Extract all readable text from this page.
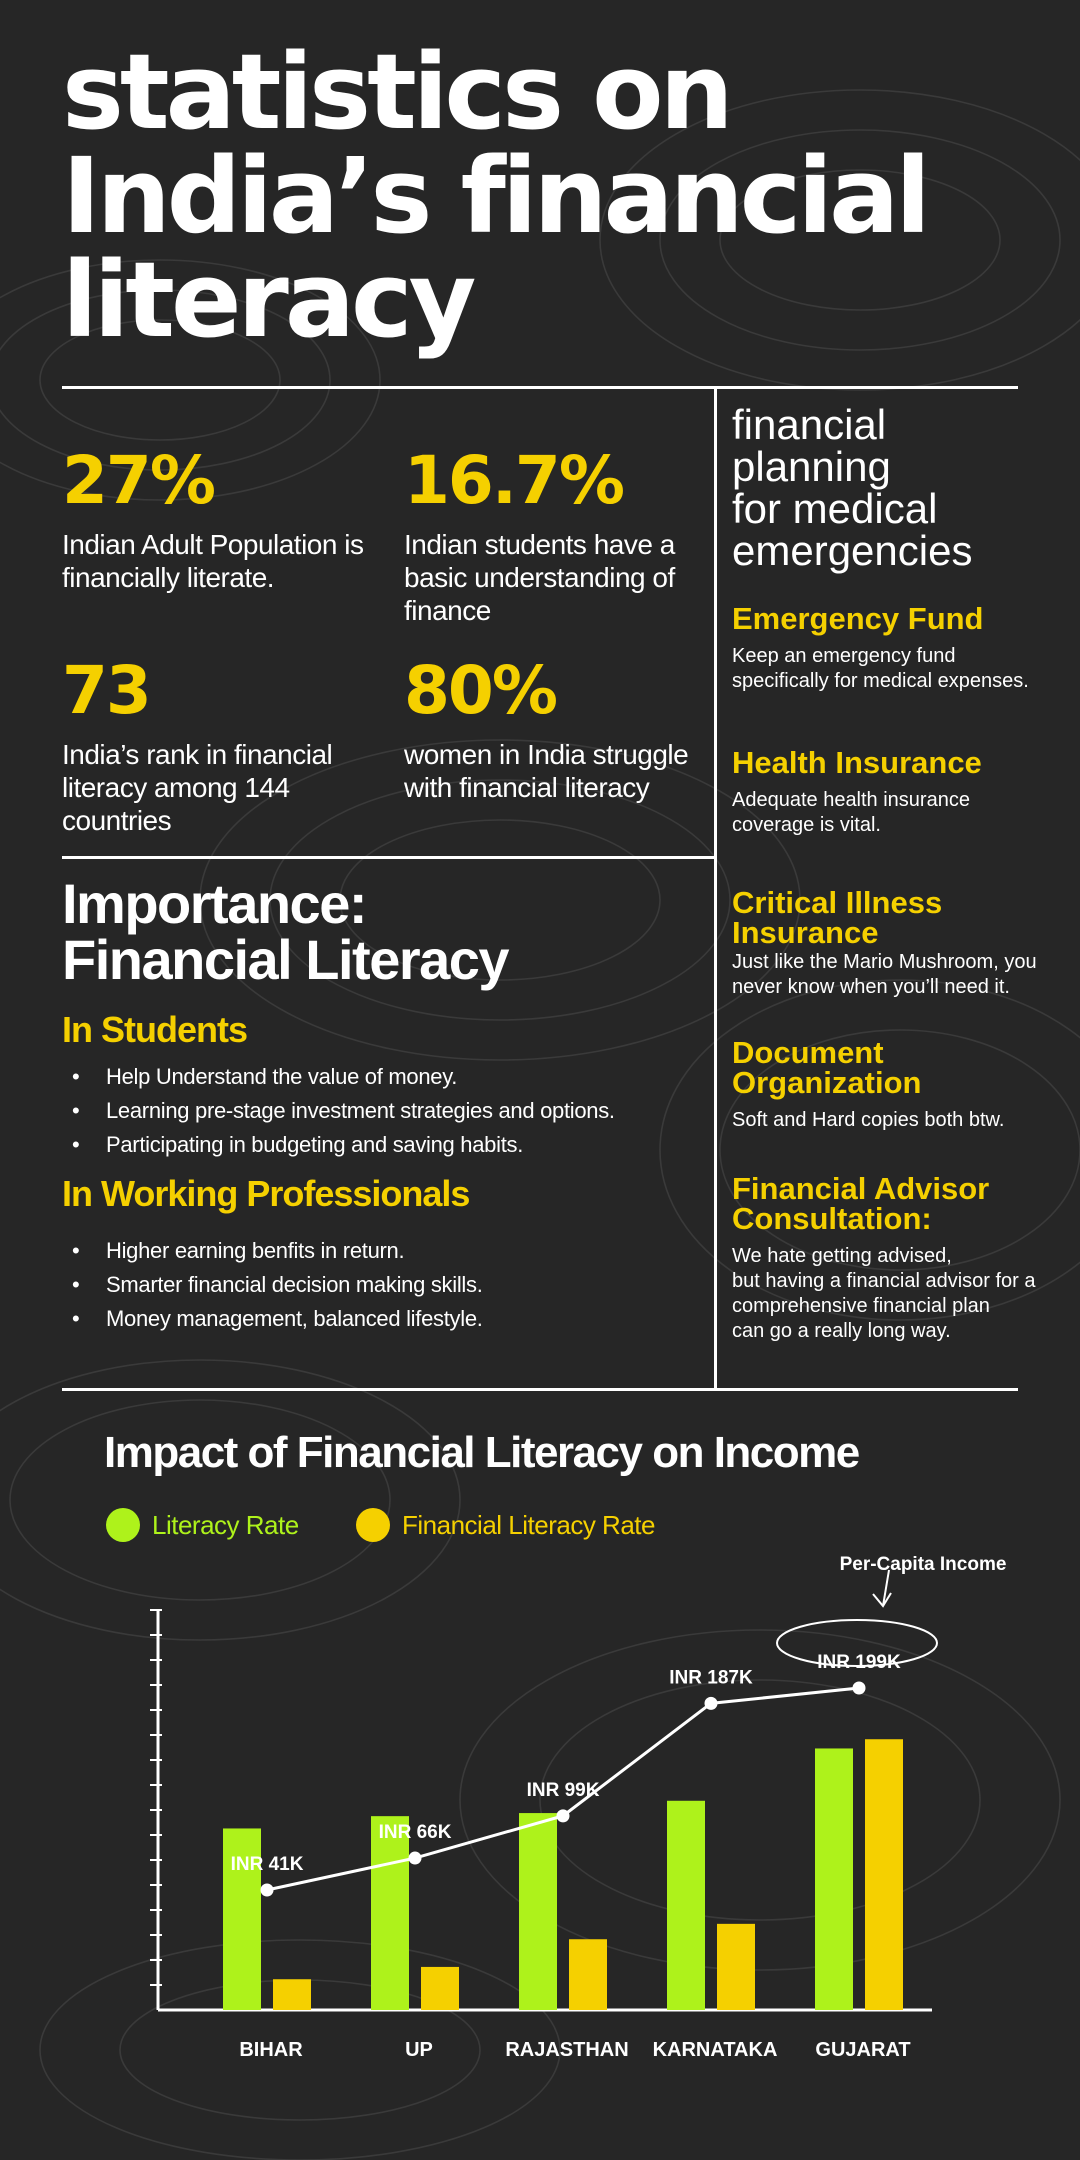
statistics on
India’s financial
literacy
27%
Indian Adult Population is financially literate.
16.7%
Indian students have a basic understanding of finance
73
India’s rank in financial literacy among 144 countries
80%
women in India struggle with financial literacy
Importance:
Financial Literacy
In Students
• Help Understand the value of money.
• Learning pre-stage investment strategies and options.
• Participating in budgeting and saving habits.
In Working Professionals
• Higher earning benfits in return.
• Smarter financial decision making skills.
• Money management, balanced lifestyle.
financial
planning
for medical
emergencies
Emergency Fund
Keep an emergency fund
specifically for medical expenses.
Health Insurance
Adequate health insurance
coverage is vital.
Critical Illness
Insurance
Just like the Mario Mushroom, you
never know when you’ll need it.
Document
Organization
Soft and Hard copies both btw.
Financial Advisor
Consultation:
We hate getting advised,
but having a financial advisor for a
comprehensive financial plan
can go a really long way.
Impact of Financial Literacy on Income
Literacy Rate	Financial Literacy Rate
BIHAR	UP	RAJASTHAN KARNATAKA GUJARAT
INR 41K
INR 66K
INR 99K
INR 187K
INR 199K
Per-Capita Income
